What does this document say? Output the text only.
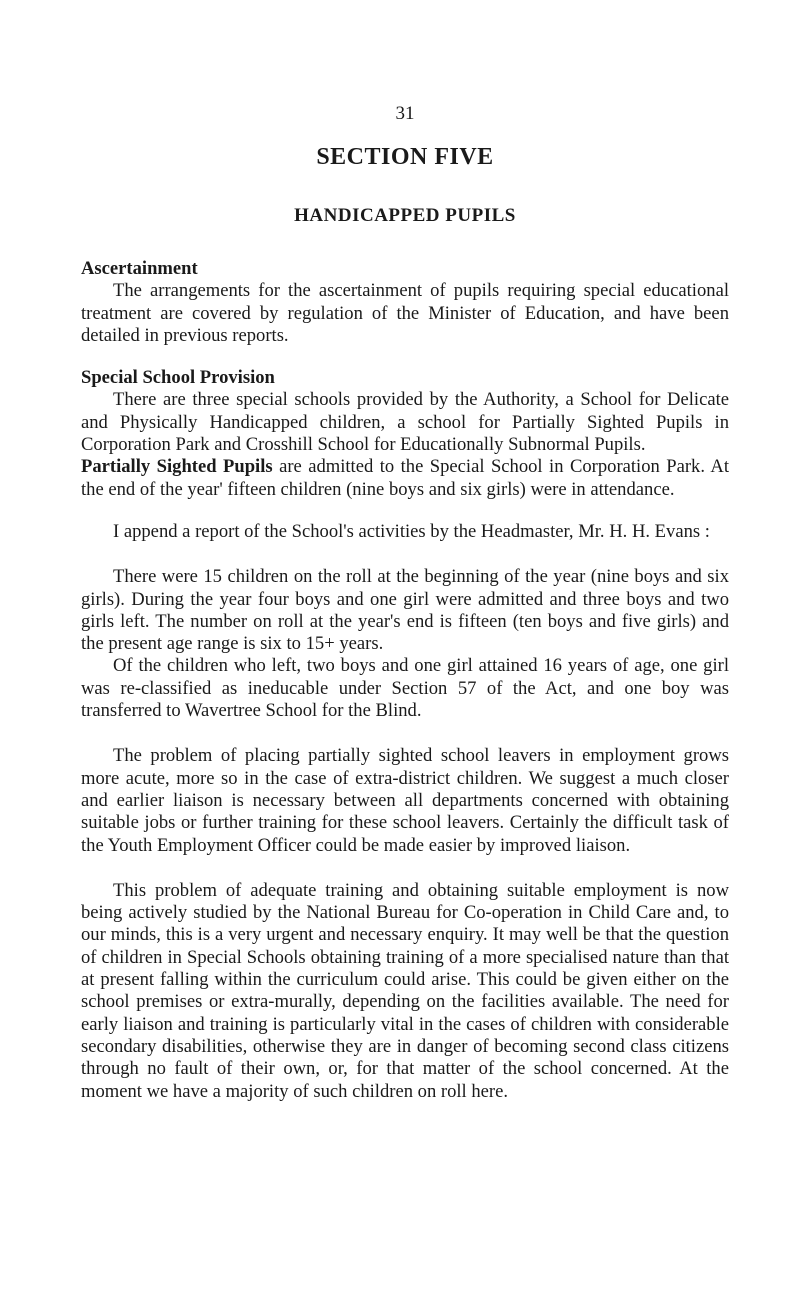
31
SECTION FIVE
HANDICAPPED PUPILS
Ascertainment

The arrangements for the ascertainment of pupils requiring special educational treatment are covered by regulation of the Minister of Education, and have been detailed in previous reports.

Special School Provision

There are three special schools provided by the Authority, a School for Delicate and Physically Handicapped children, a school for Partially Sighted Pupils in Corporation Park and Crosshill School for Educationally Subnormal Pupils.

Partially Sighted Pupils are admitted to the Special School in Corporation Park. At the end of the year' fifteen children (nine boys and six girls) were in attendance.

I append a report of the School's activities by the Headmaster, Mr. H. H. Evans :

There were 15 children on the roll at the beginning of the year (nine boys and six girls). During the year four boys and one girl were admitted and three boys and two girls left. The number on roll at the year's end is fifteen (ten boys and five girls) and the present age range is six to 15+ years.

Of the children who left, two boys and one girl attained 16 years of age, one girl was re-classified as ineducable under Section 57 of the Act, and one boy was transferred to Wavertree School for the Blind.

The problem of placing partially sighted school leavers in employment grows more acute, more so in the case of extra-district children. We suggest a much closer and earlier liaison is necessary between all departments concerned with obtaining suitable jobs or further training for these school leavers. Certainly the difficult task of the Youth Employment Officer could be made easier by improved liaison.

This problem of adequate training and obtaining suitable employment is now being actively studied by the National Bureau for Co-operation in Child Care and, to our minds, this is a very urgent and necessary enquiry. It may well be that the question of children in Special Schools obtaining training of a more specialised nature than that at present falling within the curriculum could arise. This could be given either on the school premises or extra-murally, depending on the facilities available. The need for early liaison and training is particularly vital in the cases of children with considerable secondary disabilities, otherwise they are in danger of becoming second class citizens through no fault of their own, or, for that matter of the school concerned. At the moment we have a majority of such children on roll here.
